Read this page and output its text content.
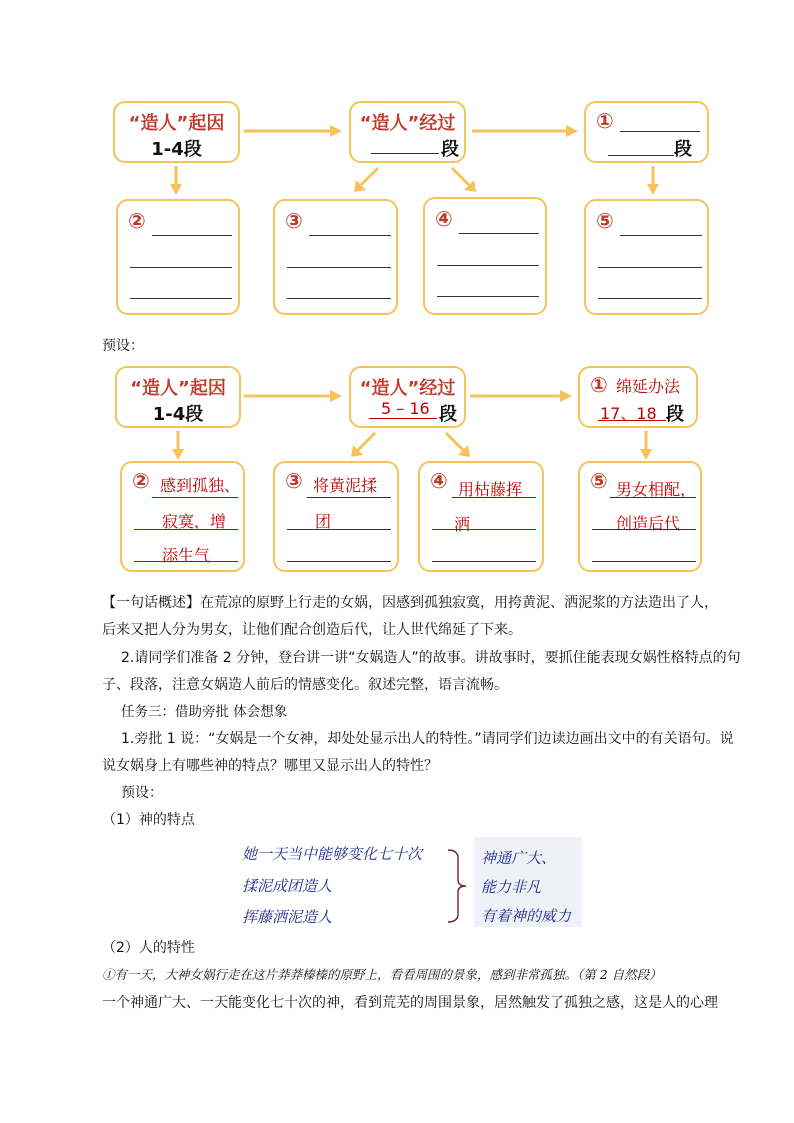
“造人”起因
1-4段
“造人”经过
段
①
段
②	③	④	⑤
预设：
“造人”起因
1-4段
“造人”经过
5 – 16 段
① 绵延办法
17、18 段
② 感到孤独、
寂寞，增
添生气
③ 将黄泥揉
团
④ 用枯藤挥
洒
⑤ 男女相配，
创造后代
【一句话概述】在荒凉的原野上行走的女娲，因感到孤独寂寞，用挎黄泥、洒泥浆的方法造出了人，
后来又把人分为男女，让他们配合创造后代，让人世代绵延了下来。
2.请同学们准备 2 分钟，登台讲一讲“女娲造人”的故事。讲故事时，要抓住能表现女娲性格特点的句
子、段落，注意女娲造人前后的情感变化。叙述完整，语言流畅。
任务三：借助旁批 体会想象
1.旁批 1 说：“女娲是一个女神，却处处显示出人的特性。”请同学们边读边画出文中的有关语句。说
说女娲身上有哪些神的特点？哪里又显示出人的特性？
预设：
（1）神的特点
她一天当中能够变化七十次
揉泥成团造人
挥藤洒泥造人
神通广大、
能力非凡
有着神的威力
（2）人的特性
①有一天，大神女娲行走在这片莽莽榛榛的原野上，看看周围的景象，感到非常孤独。（第 2 自然段）
一个神通广大、一天能变化七十次的神，看到荒芜的周围景象，居然触发了孤独之感，这是人的心理
